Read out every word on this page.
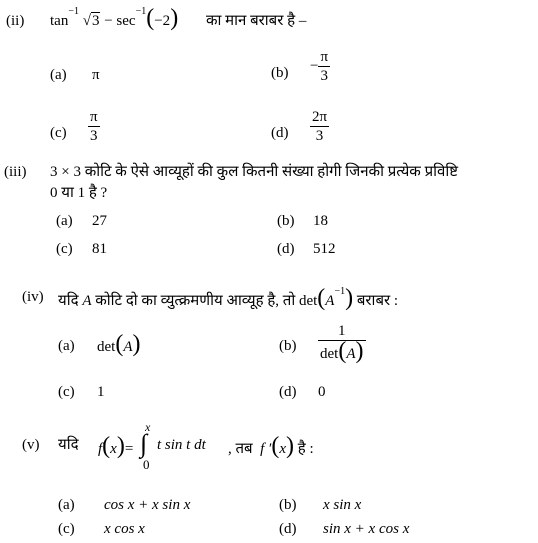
(ii) $\tan^{-1} √3 - \sec^{-1}(-2)$ का मान बराबर है –
(a) π	$(b) - \frac{\pi}{3}$
$(c) \frac{\pi}{3}$	$(d) \frac{2\pi}{3}$
(iii) 3 × 3 कोटि के ऐसे आव्यूहों की कुल कितनी संख्या होगी जिनकी प्रत्येक प्रविष्टि
0 या 1 है ?
(a) 27	(b) 18
(c) 81	(d) 512
(iv) यदि A कोटि दो का व्युत्क्रमणीय आव्यूह है, तो $\det(A^{-1})$ बराबर :
(a) det(A)	$(b) \frac{1}{\det(A)}$
(c) 1	(d) 0
(v) यदि f(x)=
x
∫
0
t sin t dt , तब f ′(x) है :
(a) cos x + x sin x	(b) x sin x
(c) x cos x	(d) sin x + x cos x
